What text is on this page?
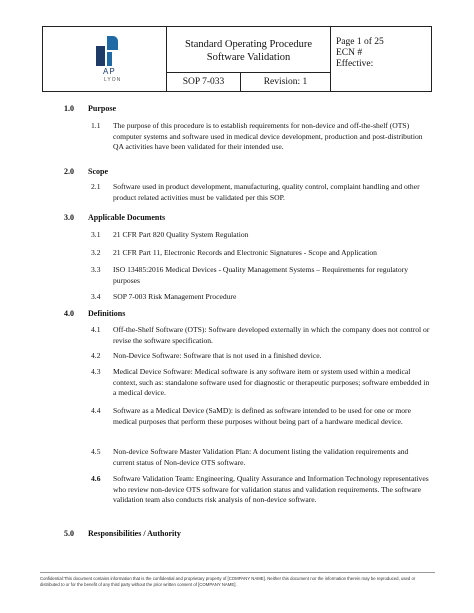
AP
LYON
Standard Operating Procedure
Software Validation
SOP 7-033	Revision: 1
Page 1 of 25
ECN #
Effective:
1.0 Purpose
1.1 The purpose of this procedure is to establish requirements for non-device and off-the-shelf (OTS) computer systems and software used in medical device development, production and post-distribution QA activities have been validated for their intended use.
2.0 Scope
2.1 Software used in product development, manufacturing, quality control, complaint handling and other product related activities must be validated per this SOP.
3.0 Applicable Documents
3.1 21 CFR Part 820 Quality System Regulation
3.2 21 CFR Part 11, Electronic Records and Electronic Signatures - Scope and Application
3.3 ISO 13485:2016 Medical Devices - Quality Management Systems – Requirements for regulatory purposes
3.4 SOP 7-003 Risk Management Procedure
4.0 Definitions
4.1 Off-the-Shelf Software (OTS): Software developed externally in which the company does not control or revise the software specification.
4.2 Non-Device Software: Software that is not used in a finished device.
4.3 Medical Device Software: Medical software is any software item or system used within a medical context, such as: standalone software used for diagnostic or therapeutic purposes; software embedded in a medical device.
4.4 Software as a Medical Device (SaMD): is defined as software intended to be used for one or more medical purposes that perform these purposes without being part of a hardware medical device.
4.5 Non-device Software Master Validation Plan: A document listing the validation requirements and current status of Non-device OTS software.
4.6 Software Validation Team: Engineering, Quality Assurance and Information Technology representatives who review non-device OTS software for validation status and validation requirements. The software validation team also conducts risk analysis of non-device software.
5.0 Responsibilities / Authority
Confidential:This document contains information that is the confidential and proprietary property of [COMPANY NAME]. Neither this document nor the information therein may be reproduced, used or distributed to or for the benefit of any third party without the prior written consent of [COMPANY NAME].
